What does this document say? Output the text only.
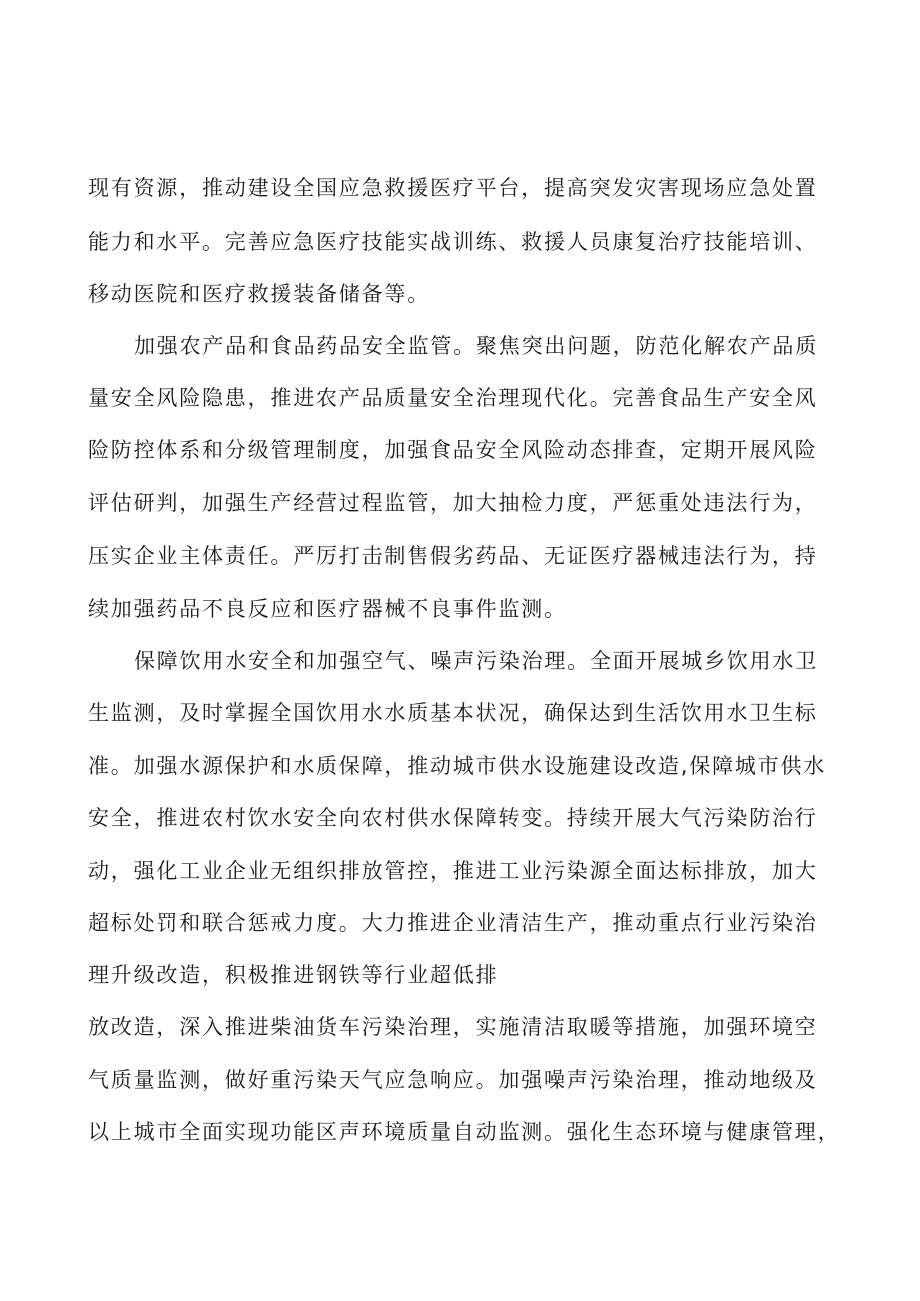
现有资源，推动建设全国应急救援医疗平台，提高突发灾害现场应急处置
能力和水平。完善应急医疗技能实战训练、救援人员康复治疗技能培训、
移动医院和医疗救援装备储备等。
加强农产品和食品药品安全监管。聚焦突出问题，防范化解农产品质
量安全风险隐患，推进农产品质量安全治理现代化。完善食品生产安全风
险防控体系和分级管理制度，加强食品安全风险动态排查，定期开展风险
评估研判，加强生产经营过程监管，加大抽检力度，严惩重处违法行为，
压实企业主体责任。严厉打击制售假劣药品、无证医疗器械违法行为，持
续加强药品不良反应和医疗器械不良事件监测。
保障饮用水安全和加强空气、噪声污染治理。全面开展城乡饮用水卫
生监测，及时掌握全国饮用水水质基本状况，确保达到生活饮用水卫生标
准。加强水源保护和水质保障，推动城市供水设施建设改造,保障城市供水
安全，推进农村饮水安全向农村供水保障转变。持续开展大气污染防治行
动，强化工业企业无组织排放管控，推进工业污染源全面达标排放，加大
超标处罚和联合惩戒力度。大力推进企业清洁生产，推动重点行业污染治
理升级改造，积极推进钢铁等行业超低排
放改造，深入推进柴油货车污染治理，实施清洁取暖等措施，加强环境空
气质量监测，做好重污染天气应急响应。加强噪声污染治理，推动地级及
以上城市全面实现功能区声环境质量自动监测。强化生态环境与健康管理，
